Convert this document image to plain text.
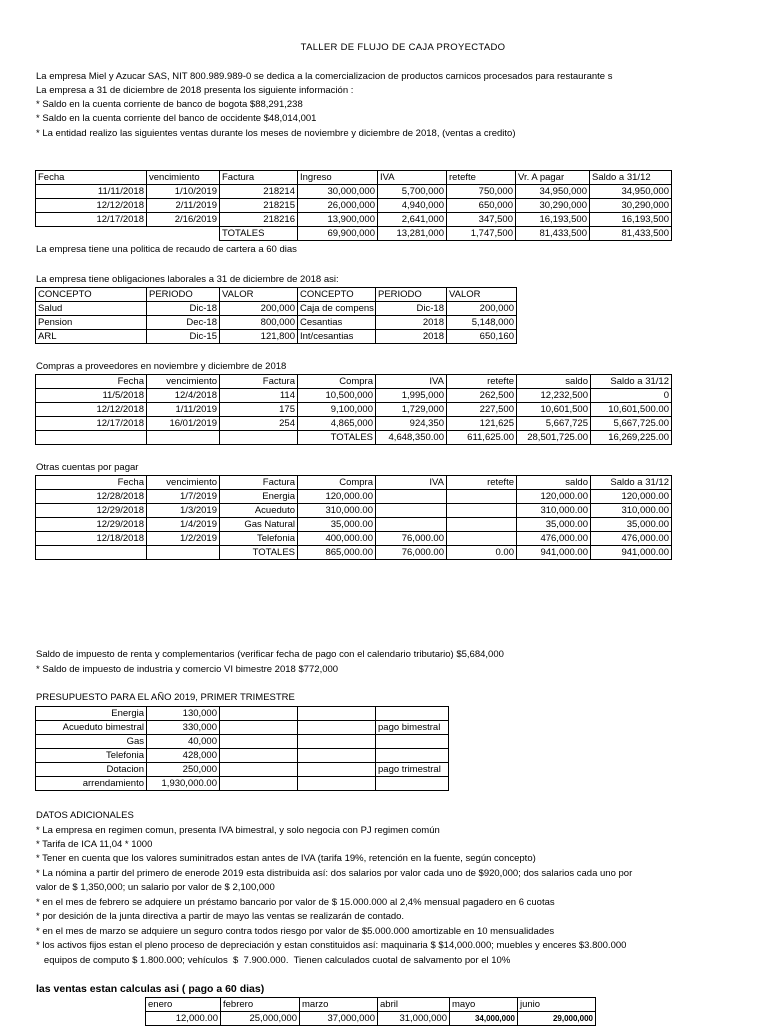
TALLER DE FLUJO DE CAJA PROYECTADO
La empresa Miel y Azucar SAS, NIT 800.989.989-0 se dedica a la comercializacion de productos carnicos procesados para restaurante s
La empresa a 31 de diciembre de 2018 presenta los siguiente información :
* Saldo en la cuenta corriente de banco de bogota $88,291,238
* Saldo en la cuenta corriente del banco de occidente $48,014,001
* La entidad realizo las siguientes ventas durante los meses de noviembre y diciembre de 2018, (ventas a credito)
Fecha	vencimiento	Factura	Ingreso	IVA	retefte	Vr. A pagar	Saldo a 31/12
11/11/2018	1/10/2019	218214	30,000,000	5,700,000	750,000	34,950,000	34,950,000
12/12/2018	2/11/2019	218215	26,000,000	4,940,000	650,000	30,290,000	30,290,000
12/17/2018	2/16/2019	218216	13,900,000	2,641,000	347,500	16,193,500	16,193,500
		TOTALES	69,900,000	13,281,000	1,747,500	81,433,500	81,433,500
La empresa tiene una politica de recaudo de cartera a 60 dias
La empresa tiene obligaciones laborales a 31 de diciembre de 2018 asi:
CONCEPTO	PERIODO	VALOR	CONCEPTO	PERIODO	VALOR
Salud	Dic-18	200,000	Caja de compens	Dic-18	200,000
Pension	Dec-18	800,000	Cesantias	2018	5,148,000
ARL	Dic-15	121,800	Int/cesantias	2018	650,160
Compras a proveedores en noviembre y diciembre de 2018
Fecha	vencimiento	Factura	Compra	IVA	retefte	saldo	Saldo a 31/12
11/5/2018	12/4/2018	114	10,500,000	1,995,000	262,500	12,232,500	0
12/12/2018	1/11/2019	175	9,100,000	1,729,000	227,500	10,601,500	10,601,500.00
12/17/2018	16/01/2019	254	4,865,000	924,350	121,625	5,667,725	5,667,725.00
			TOTALES	4,648,350.00	611,625.00	28,501,725.00	16,269,225.00
Otras cuentas por pagar
Fecha	vencimiento	Factura	Compra	IVA	retefte	saldo	Saldo a 31/12
12/28/2018	1/7/2019	Energia	120,000.00			120,000.00	120,000.00
12/29/2018	1/3/2019	Acueduto	310,000.00			310,000.00	310,000.00
12/29/2018	1/4/2019	Gas Natural	35,000.00			35,000.00	35,000.00
12/18/2018	1/2/2019	Telefonia	400,000.00	76,000.00		476,000.00	476,000.00
		TOTALES	865,000.00	76,000.00	0.00	941,000.00	941,000.00
Saldo de impuesto de renta y complementarios (verificar fecha de pago con el calendario tributario) $5,684,000
* Saldo de impuesto de industria y comercio VI bimestre 2018 $772,000
PRESUPUESTO PARA EL AÑO 2019, PRIMER TRIMESTRE
Energia	130,000			
Acueduto bimestral	330,000			pago bimestral
Gas	40,000			
Telefonia	428,000			
Dotacion	250,000			pago trimestral
arrendamiento	1,930,000.00			
DATOS ADICIONALES
* La empresa en regimen comun, presenta IVA bimestral, y solo negocia con PJ regimen común
* Tarifa de ICA 11,04 * 1000
* Tener en cuenta que los valores suminitrados estan antes de IVA (tarifa 19%, retención en la fuente, según concepto)
* La nómina a partir del primero de enerode 2019 esta distribuida así: dos salarios por valor cada uno de $920,000; dos salarios cada uno por
valor de $ 1,350,000; un salario por valor de $ 2,100,000
* en el mes de febrero se adquiere un préstamo bancario por valor de $ 15.000.000 al 2,4% mensual pagadero en 6 cuotas
* por desición de la junta directiva a partir de mayo las ventas se realizarán de contado.
* en el mes de marzo se adquiere un seguro contra todos riesgo por valor de $5.000.000 amortizable en 10 mensualidades
* los activos fijos estan el pleno proceso de depreciación y estan constituidos así: maquinaria $ $14,000.000; muebles y enceres $3.800.000
equipos de computo $ 1.800.000; vehículos  $  7.900.000.  Tienen calculados cuotal de salvamento por el 10%
las ventas estan calculas asi ( pago a 60 dias)
enero	febrero	marzo	abril	mayo	junio
12,000.00	25,000,000	37,000,000	31,000,000	34,000,000	29,000,000
